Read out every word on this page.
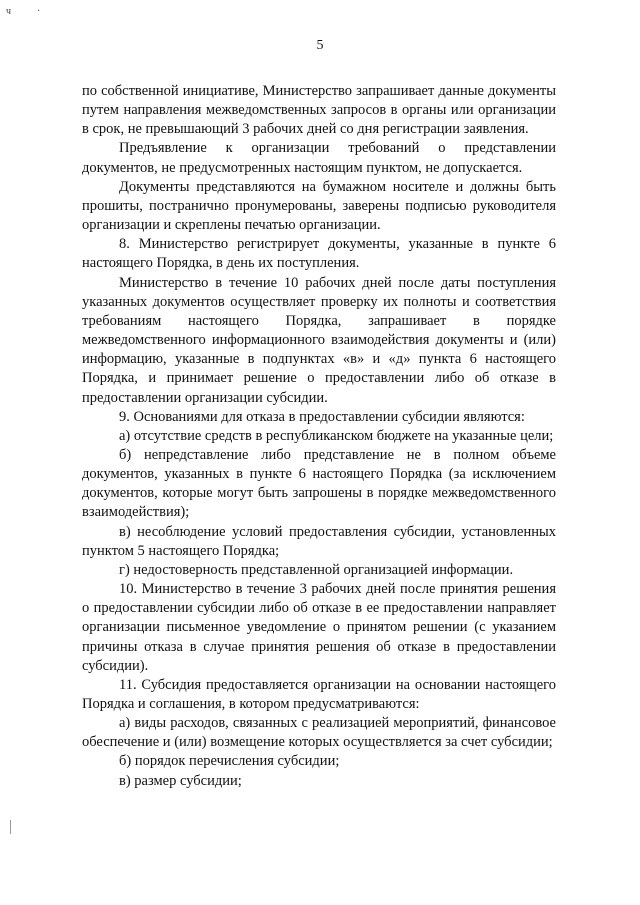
ч	·
5

по собственной инициативе, Министерство запрашивает данные документы путем направления межведомственных запросов в органы или организации в срок, не превышающий 3 рабочих дней со дня регистрации заявления.

Предъявление к организации требований о представлении документов, не предусмотренных настоящим пунктом, не допускается.

Документы представляются на бумажном носителе и должны быть прошиты, постранично пронумерованы, заверены подписью руководителя организации и скреплены печатью организации.

8. Министерство регистрирует документы, указанные в пункте 6 настоящего Порядка, в день их поступления.

Министерство в течение 10 рабочих дней после даты поступления указанных документов осуществляет проверку их полноты и соответствия требованиям настоящего Порядка, запрашивает в порядке межведомственного информационного взаимодействия документы и (или) информацию, указанные в подпунктах «в» и «д» пункта 6 настоящего Порядка, и принимает решение о предоставлении либо об отказе в предоставлении организации субсидии.

9. Основаниями для отказа в предоставлении субсидии являются:

а) отсутствие средств в республиканском бюджете на указанные цели;

б) непредставление либо представление не в полном объеме документов, указанных в пункте 6 настоящего Порядка (за исключением документов, которые могут быть запрошены в порядке межведомственного взаимодействия);

в) несоблюдение условий предоставления субсидии, установленных пунктом 5 настоящего Порядка;

г) недостоверность представленной организацией информации.

10. Министерство в течение 3 рабочих дней после принятия решения о предоставлении субсидии либо об отказе в ее предоставлении направляет организации письменное уведомление о принятом решении (с указанием причины отказа в случае принятия решения об отказе в предоставлении субсидии).

11. Субсидия предоставляется организации на основании настоящего Порядка и соглашения, в котором предусматриваются:

а) виды расходов, связанных с реализацией мероприятий, финансовое обеспечение и (или) возмещение которых осуществляется за счет субсидии;

б) порядок перечисления субсидии;

в) размер субсидии;
